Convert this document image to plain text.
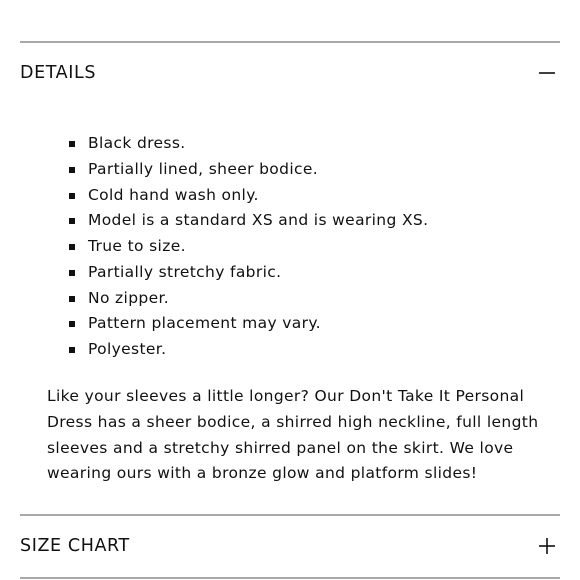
DETAILS
Black dress.
Partially lined, sheer bodice.
Cold hand wash only.
Model is a standard XS and is wearing XS.
True to size.
Partially stretchy fabric.
No zipper.
Pattern placement may vary.
Polyester.

Like your sleeves a little longer? Our Don't Take It Personal Dress has a sheer bodice, a shirred high neckline, full length sleeves and a stretchy shirred panel on the skirt. We love wearing ours with a bronze glow and platform slides!

SIZE CHART
